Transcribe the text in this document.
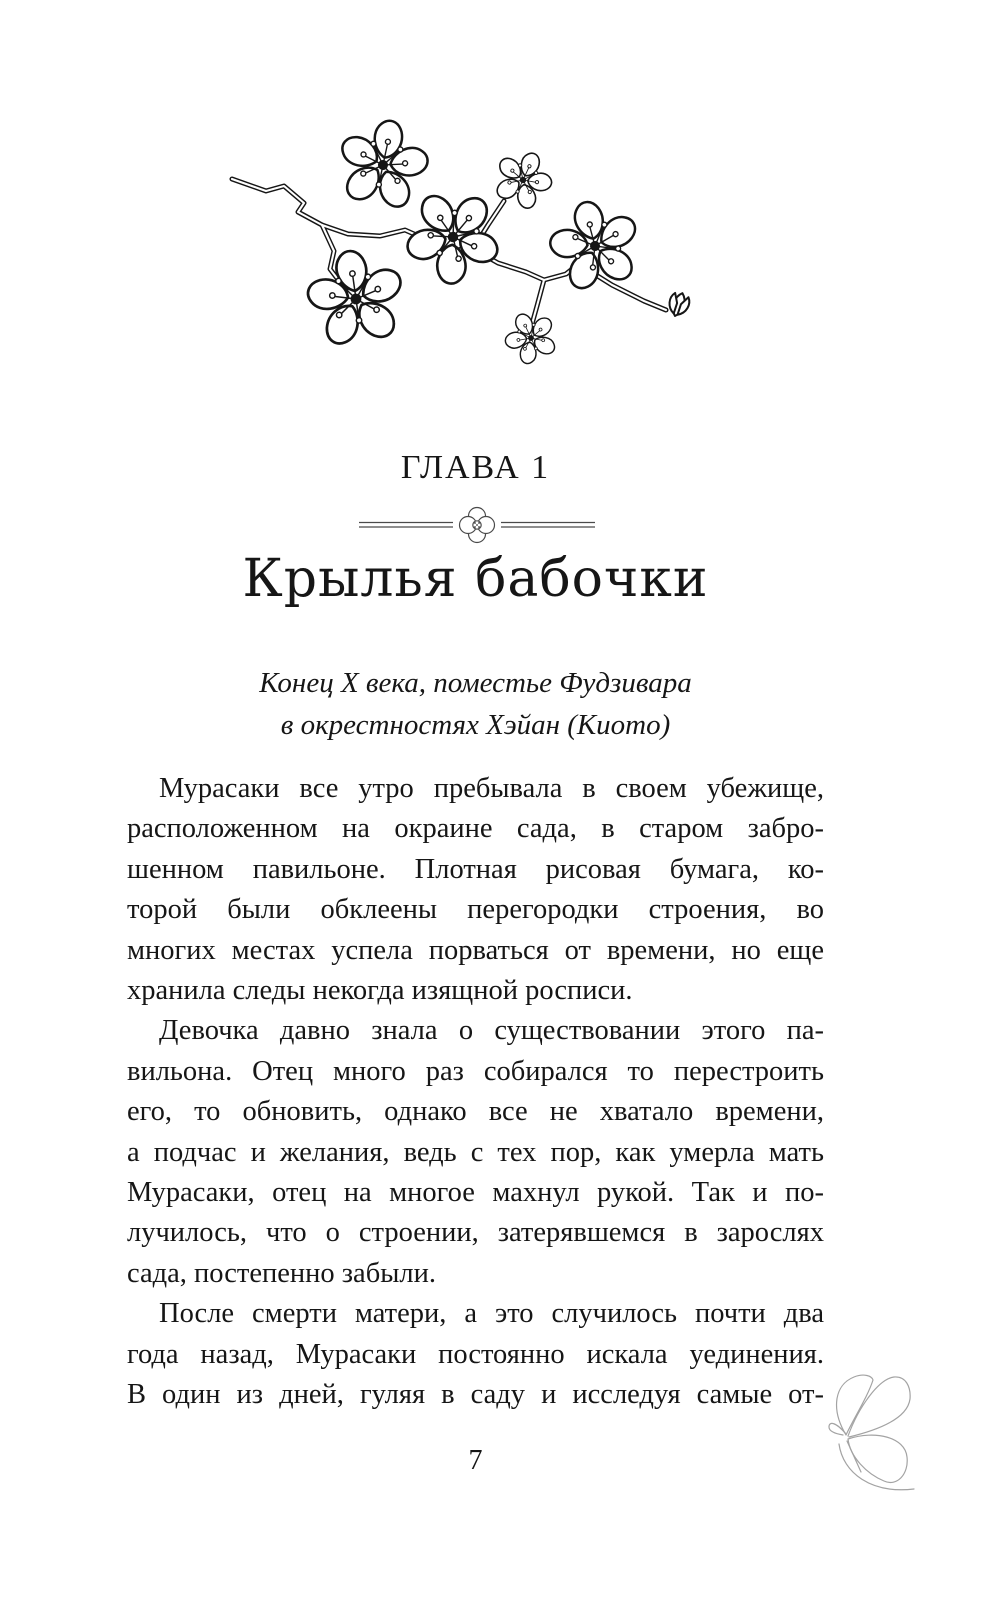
ГЛАВА 1
Крылья бабочки
Конец X века, поместье Фудзивара
в окрестностях Хэйан (Киото)
Мурасаки все утро пребывала в своем убежище,
расположенном на окраине сада, в старом забро-
шенном павильоне. Плотная рисовая бумага, ко-
торой были обклеены перегородки строения, во
многих местах успела порваться от времени, но еще
хранила следы некогда изящной росписи.
Девочка давно знала о существовании этого па-
вильона. Отец много раз собирался то перестроить
его, то обновить, однако все не хватало времени,
а подчас и желания, ведь с тех пор, как умерла мать
Мурасаки, отец на многое махнул рукой. Так и по-
лучилось, что о строении, затерявшемся в зарослях
сада, постепенно забыли.
После смерти матери, а это случилось почти два
года назад, Мурасаки постоянно искала уединения.
В один из дней, гуляя в саду и исследуя самые от-
7
